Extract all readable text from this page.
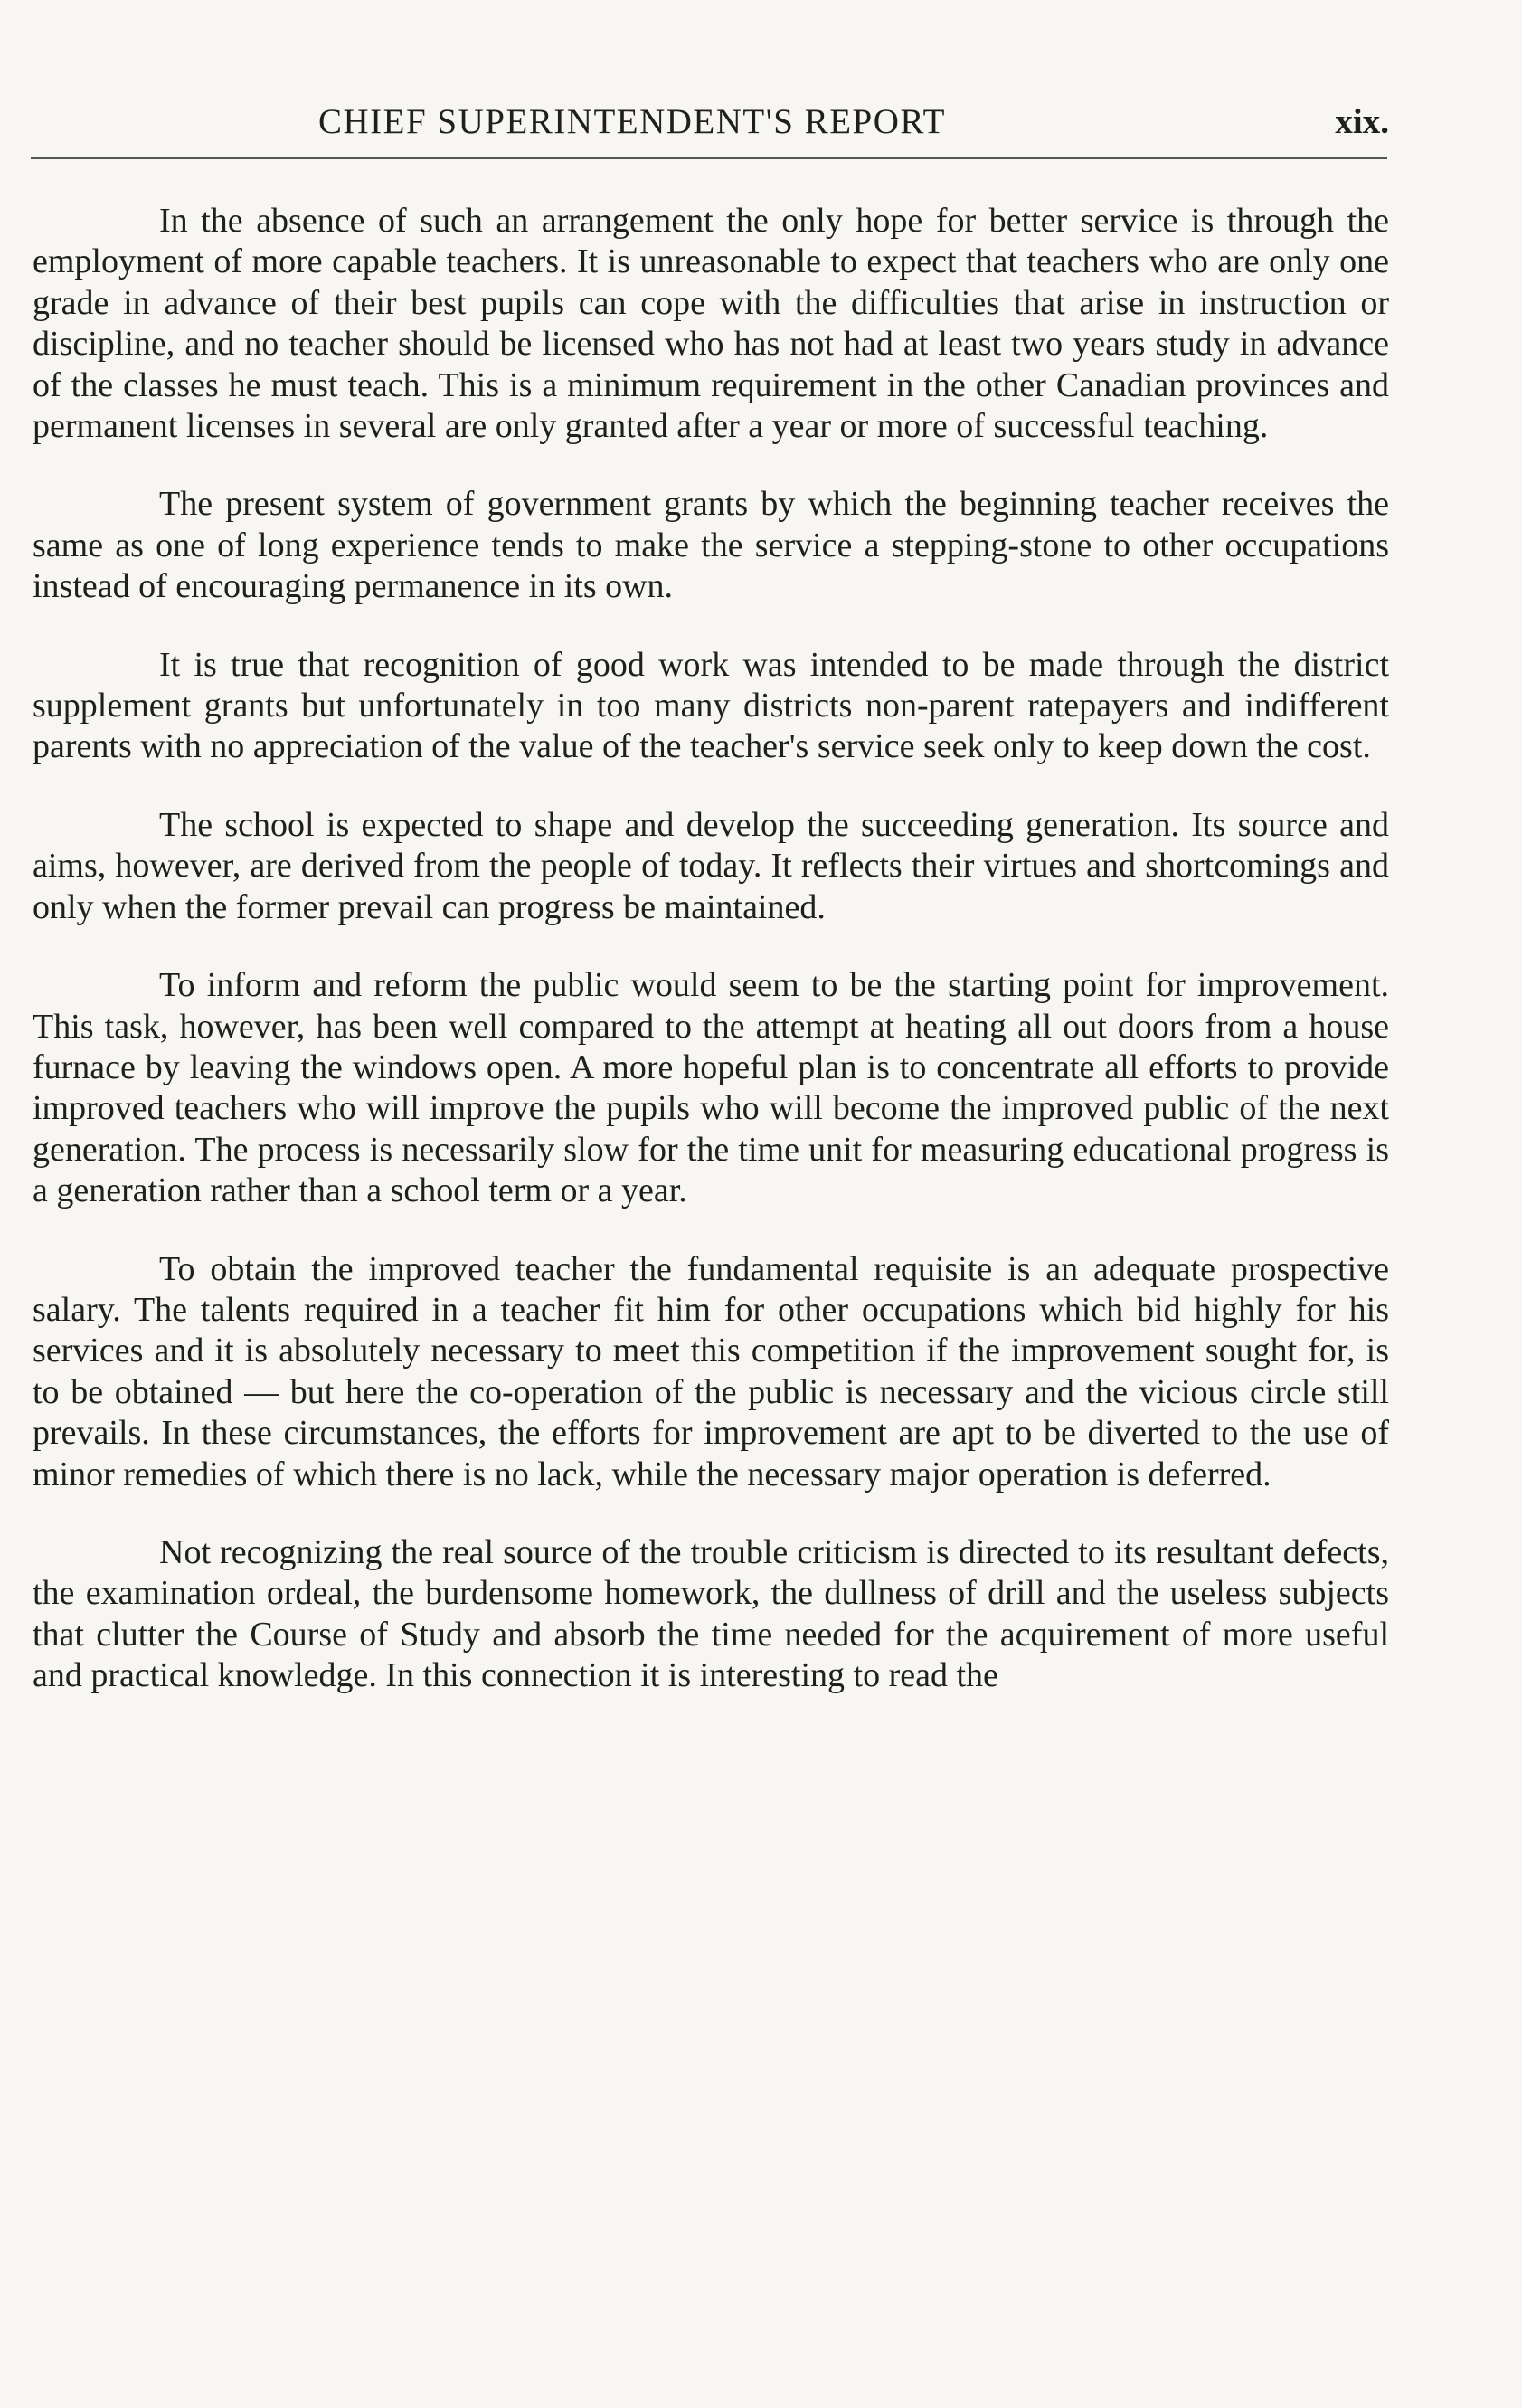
CHIEF SUPERINTENDENT'S REPORT	xix.

In the absence of such an arrangement the only hope for better service is through the employment of more capable teachers. It is unreasonable to expect that teachers who are only one grade in advance of their best pupils can cope with the difficulties that arise in instruction or discipline, and no teacher should be licensed who has not had at least two years study in advance of the classes he must teach. This is a minimum requirement in the other Canadian provinces and permanent licenses in several are only granted after a year or more of successful teaching.

The present system of government grants by which the beginning teacher receives the same as one of long experience tends to make the service a stepping-stone to other occupations instead of encouraging permanence in its own.

It is true that recognition of good work was intended to be made through the district supplement grants but unfortunately in too many districts non-parent ratepayers and indifferent parents with no appreciation of the value of the teacher's service seek only to keep down the cost.

The school is expected to shape and develop the succeeding generation. Its source and aims, however, are derived from the people of today. It reflects their virtues and shortcomings and only when the former prevail can progress be maintained.

To inform and reform the public would seem to be the starting point for improvement. This task, however, has been well compared to the attempt at heating all out doors from a house furnace by leaving the windows open. A more hopeful plan is to concentrate all efforts to provide improved teachers who will improve the pupils who will become the improved public of the next generation. The process is necessarily slow for the time unit for measuring educational progress is a generation rather than a school term or a year.

To obtain the improved teacher the fundamental requisite is an adequate prospective salary. The talents required in a teacher fit him for other occupations which bid highly for his services and it is absolutely necessary to meet this competition if the improvement sought for, is to be obtained — but here the co-operation of the public is necessary and the vicious circle still prevails. In these circumstances, the efforts for improvement are apt to be diverted to the use of minor remedies of which there is no lack, while the necessary major operation is deferred.

Not recognizing the real source of the trouble criticism is directed to its resultant defects, the examination ordeal, the burdensome homework, the dullness of drill and the useless subjects that clutter the Course of Study and absorb the time needed for the acquirement of more useful and practical knowledge. In this connection it is interesting to read the
